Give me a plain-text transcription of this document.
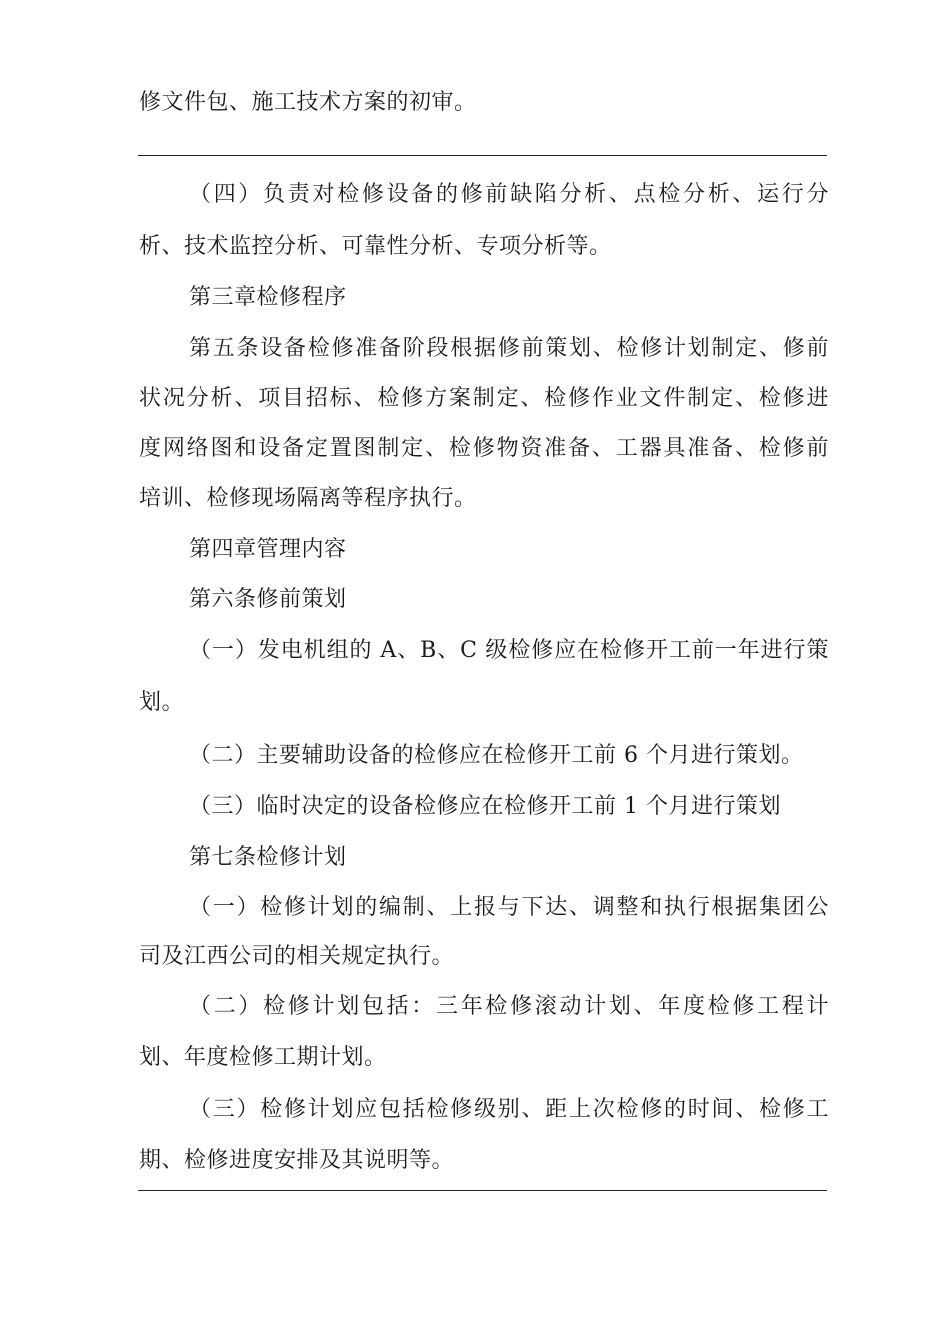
修文件包、施工技术方案的初审。
（四）负责对检修设备的修前缺陷分析、点检分析、运行分
析、技术监控分析、可靠性分析、专项分析等。
第三章检修程序
第五条设备检修准备阶段根据修前策划、检修计划制定、修前
状况分析、项目招标、检修方案制定、检修作业文件制定、检修进
度网络图和设备定置图制定、检修物资准备、工器具准备、检修前
培训、检修现场隔离等程序执行。
第四章管理内容
第六条修前策划
（一）发电机组的 A、B、C 级检修应在检修开工前一年进行策
划。
（二）主要辅助设备的检修应在检修开工前 6 个月进行策划。
（三）临时决定的设备检修应在检修开工前 1 个月进行策划
第七条检修计划
（一）检修计划的编制、上报与下达、调整和执行根据集团公
司及江西公司的相关规定执行。
（二）检修计划包括：三年检修滚动计划、年度检修工程计
划、年度检修工期计划。
（三）检修计划应包括检修级别、距上次检修的时间、检修工
期、检修进度安排及其说明等。
